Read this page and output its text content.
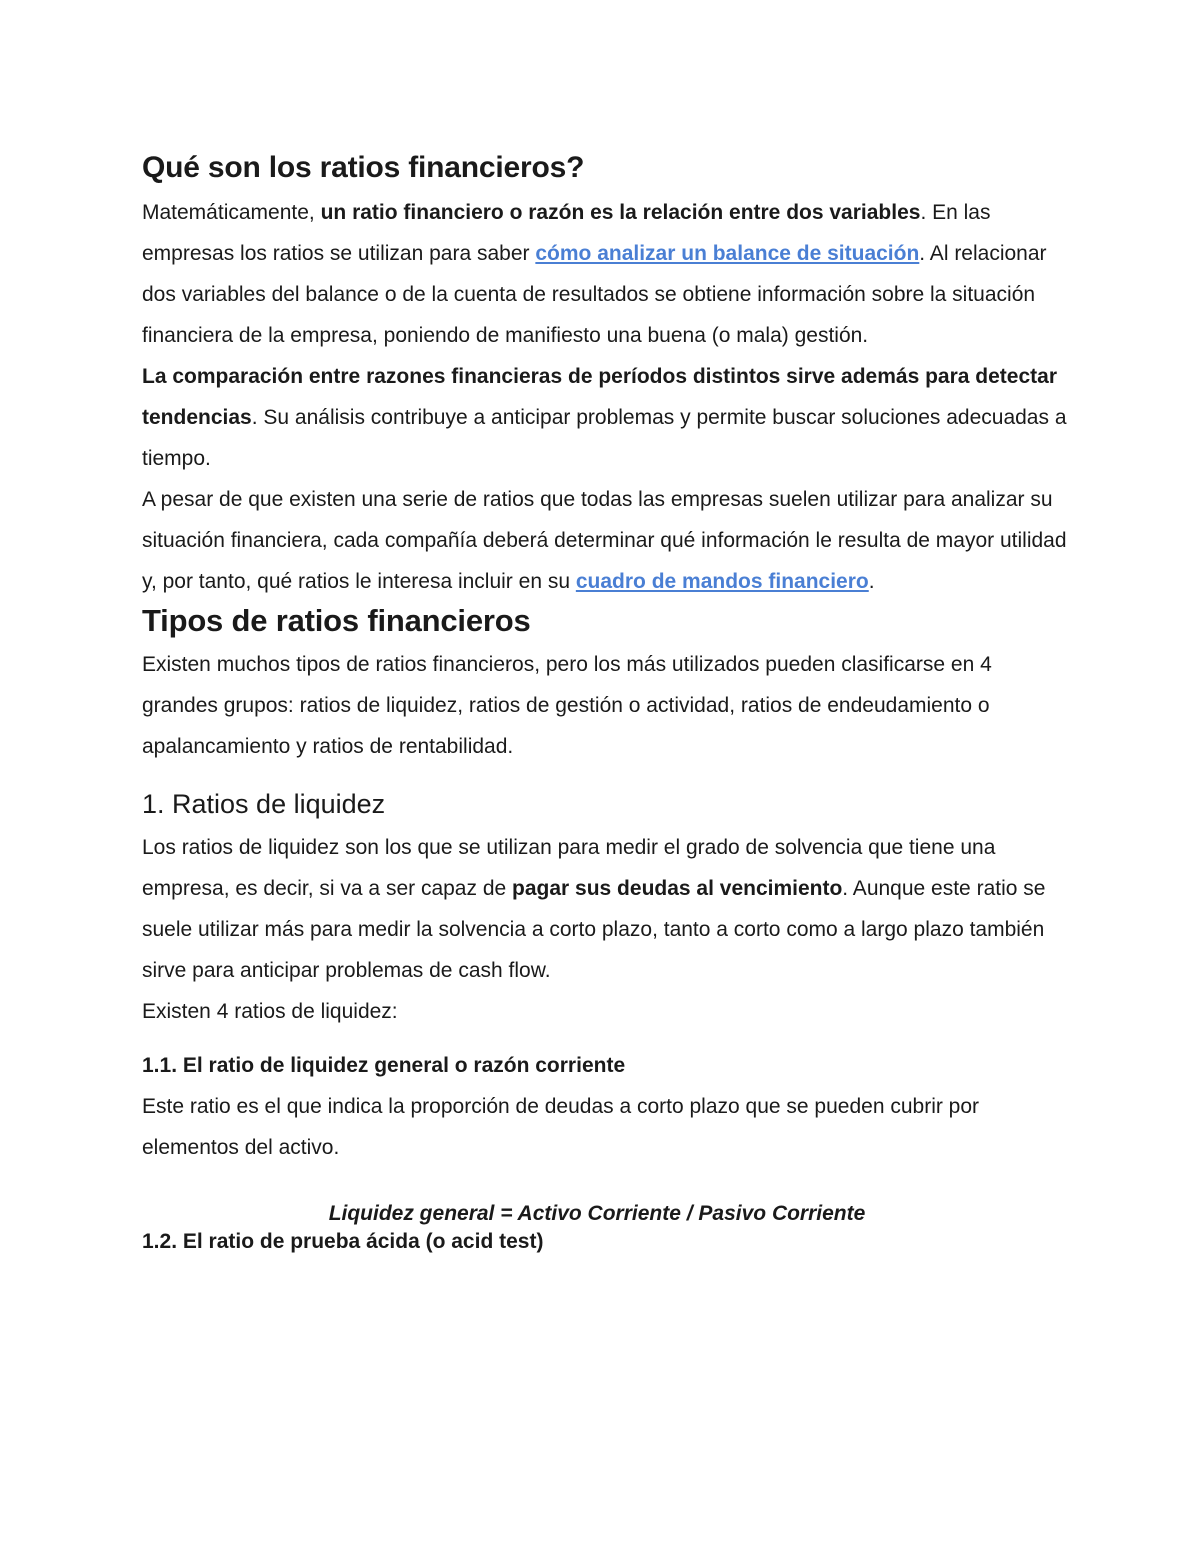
Qué son los ratios financieros?

Matemáticamente, un ratio financiero o razón es la relación entre dos variables. En las empresas los ratios se utilizan para saber cómo analizar un balance de situación. Al relacionar dos variables del balance o de la cuenta de resultados se obtiene información sobre la situación financiera de la empresa, poniendo de manifiesto una buena (o mala) gestión.

La comparación entre razones financieras de períodos distintos sirve además para detectar tendencias. Su análisis contribuye a anticipar problemas y permite buscar soluciones adecuadas a tiempo.

A pesar de que existen una serie de ratios que todas las empresas suelen utilizar para analizar su situación financiera, cada compañía deberá determinar qué información le resulta de mayor utilidad y, por tanto, qué ratios le interesa incluir en su cuadro de mandos financiero.

Tipos de ratios financieros

Existen muchos tipos de ratios financieros, pero los más utilizados pueden clasificarse en 4 grandes grupos: ratios de liquidez, ratios de gestión o actividad, ratios de endeudamiento o apalancamiento y ratios de rentabilidad.

1. Ratios de liquidez

Los ratios de liquidez son los que se utilizan para medir el grado de solvencia que tiene una empresa, es decir, si va a ser capaz de pagar sus deudas al vencimiento. Aunque este ratio se suele utilizar más para medir la solvencia a corto plazo, tanto a corto como a largo plazo también sirve para anticipar problemas de cash flow.

Existen 4 ratios de liquidez:

1.1. El ratio de liquidez general o razón corriente

Este ratio es el que indica la proporción de deudas a corto plazo que se pueden cubrir por elementos del activo.

Liquidez general = Activo Corriente / Pasivo Corriente
1.2. El ratio de prueba ácida (o acid test)
